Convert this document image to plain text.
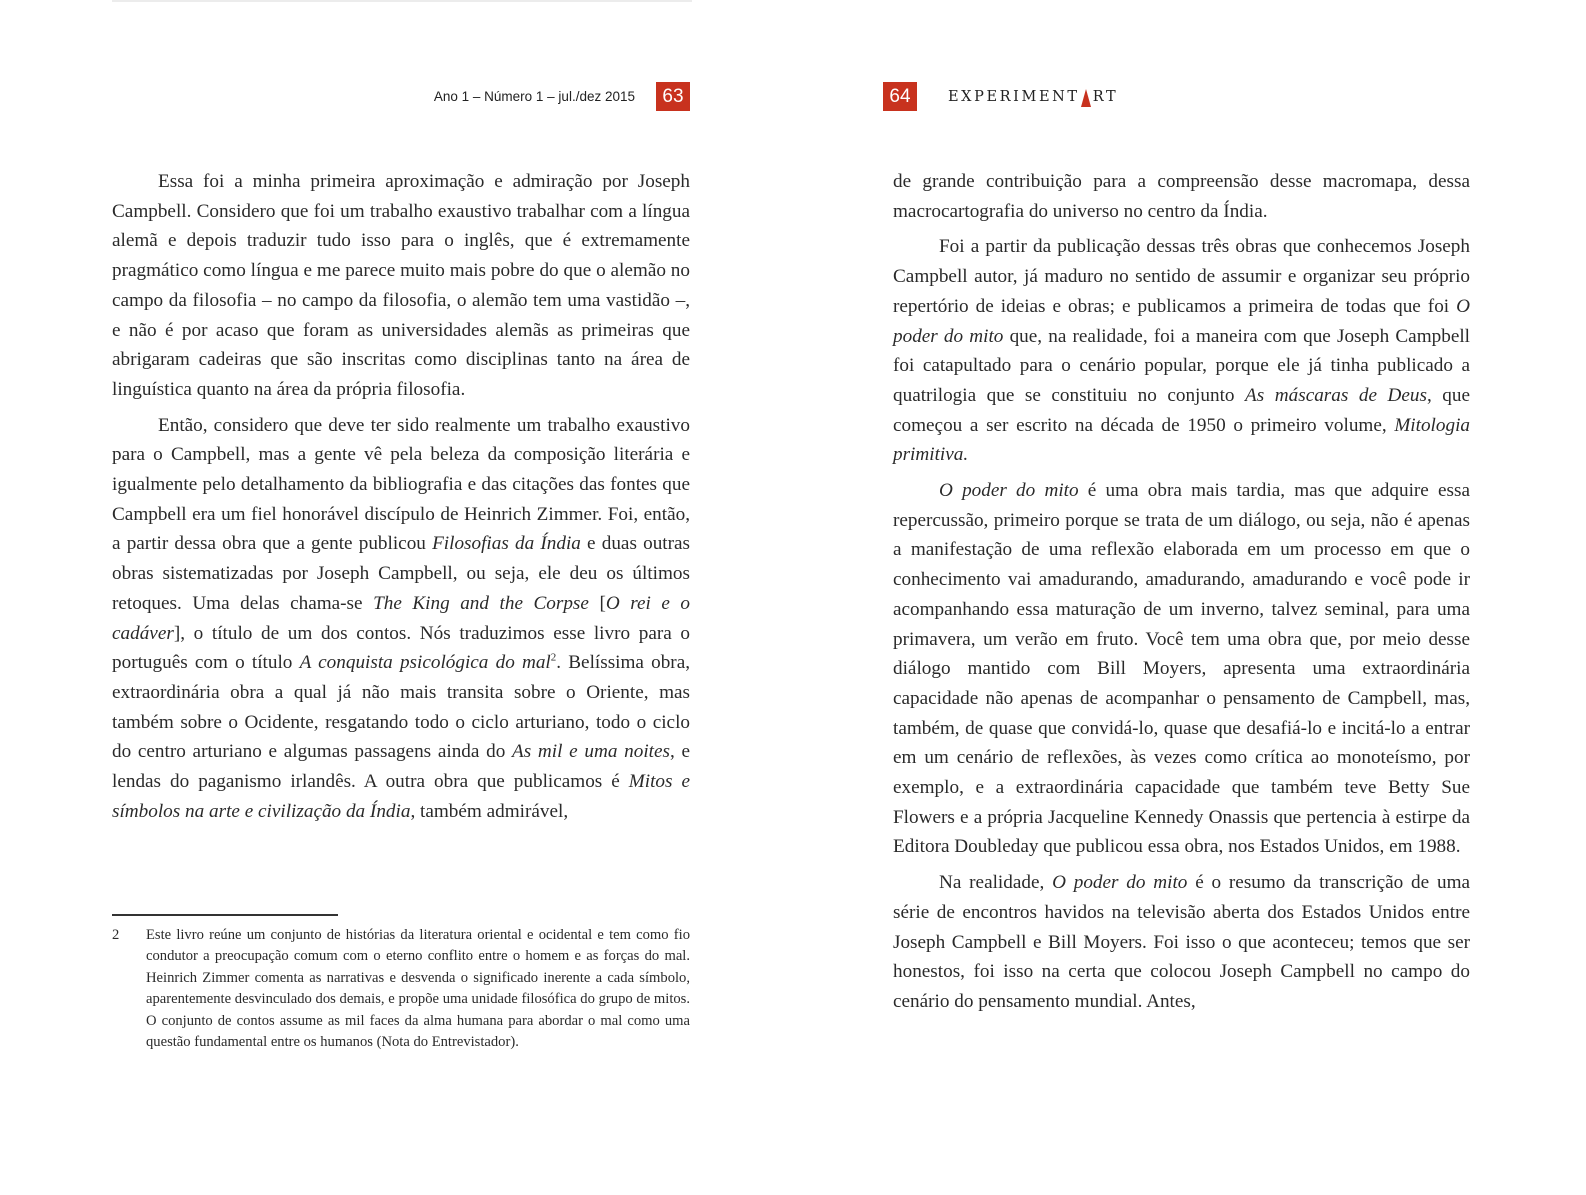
Ano 1 – Número 1 – jul./dez 2015	63

Essa foi a minha primeira aproximação e admiração por Joseph Campbell. Considero que foi um trabalho exaustivo trabalhar com a língua alemã e depois traduzir tudo isso para o inglês, que é extremamente pragmático como língua e me parece muito mais pobre do que o alemão no campo da filosofia – no campo da filosofia, o alemão tem uma vastidão –, e não é por acaso que foram as universidades alemãs as primeiras que abrigaram cadeiras que são inscritas como disciplinas tanto na área de linguística quanto na área da própria filosofia.

Então, considero que deve ter sido realmente um trabalho exaustivo para o Campbell, mas a gente vê pela beleza da composição literária e igualmente pelo detalhamento da bibliografia e das citações das fontes que Campbell era um fiel honorável discípulo de Heinrich Zimmer. Foi, então, a partir dessa obra que a gente publicou Filosofias da Índia e duas outras obras sistematizadas por Joseph Campbell, ou seja, ele deu os últimos retoques. Uma delas chama-se The King and the Corpse [O rei e o cadáver], o título de um dos contos. Nós traduzimos esse livro para o português com o título A conquista psicológica do mal$^2$. Belíssima obra, extraordinária obra a qual já não mais transita sobre o Oriente, mas também sobre o Ocidente, resgatando todo o ciclo arturiano, todo o ciclo do centro arturiano e algumas passagens ainda do As mil e uma noites, e lendas do paganismo irlandês. A outra obra que publicamos é Mitos e símbolos na arte e civilização da Índia, também admirável,

2	Este livro reúne um conjunto de histórias da literatura oriental e ocidental e tem como fio condutor a preocupação comum com o eterno conflito entre o homem e as forças do mal. Heinrich Zimmer comenta as narrativas e desvenda o significado inerente a cada símbolo, aparentemente desvinculado dos demais, e propõe uma unidade filosófica do grupo de mitos. O conjunto de contos assume as mil faces da alma humana para abordar o mal como uma questão fundamental entre os humanos (Nota do Entrevistador).
64	EXPERIMENT RT

de grande contribuição para a compreensão desse macromapa, dessa macrocartografia do universo no centro da Índia.

Foi a partir da publicação dessas três obras que conhecemos Joseph Campbell autor, já maduro no sentido de assumir e organizar seu próprio repertório de ideias e obras; e publicamos a primeira de todas que foi O poder do mito que, na realidade, foi a maneira com que Joseph Campbell foi catapultado para o cenário popular, porque ele já tinha publicado a quatrilogia que se constituiu no conjunto As máscaras de Deus, que começou a ser escrito na década de 1950 o primeiro volume, Mitologia primitiva.

O poder do mito é uma obra mais tardia, mas que adquire essa repercussão, primeiro porque se trata de um diálogo, ou seja, não é apenas a manifestação de uma reflexão elaborada em um processo em que o conhecimento vai amadurando, amadurando, amadurando e você pode ir acompanhando essa maturação de um inverno, talvez seminal, para uma primavera, um verão em fruto. Você tem uma obra que, por meio desse diálogo mantido com Bill Moyers, apresenta uma extraordinária capacidade não apenas de acompanhar o pensamento de Campbell, mas, também, de quase que convidá-lo, quase que desafiá-lo e incitá-lo a entrar em um cenário de reflexões, às vezes como crítica ao monoteísmo, por exemplo, e a extraordinária capacidade que também teve Betty Sue Flowers e a própria Jacqueline Kennedy Onassis que pertencia à estirpe da Editora Doubleday que publicou essa obra, nos Estados Unidos, em 1988.

Na realidade, O poder do mito é o resumo da transcrição de uma série de encontros havidos na televisão aberta dos Estados Unidos entre Joseph Campbell e Bill Moyers. Foi isso o que aconteceu; temos que ser honestos, foi isso na certa que colocou Joseph Campbell no campo do cenário do pensamento mundial. Antes,
